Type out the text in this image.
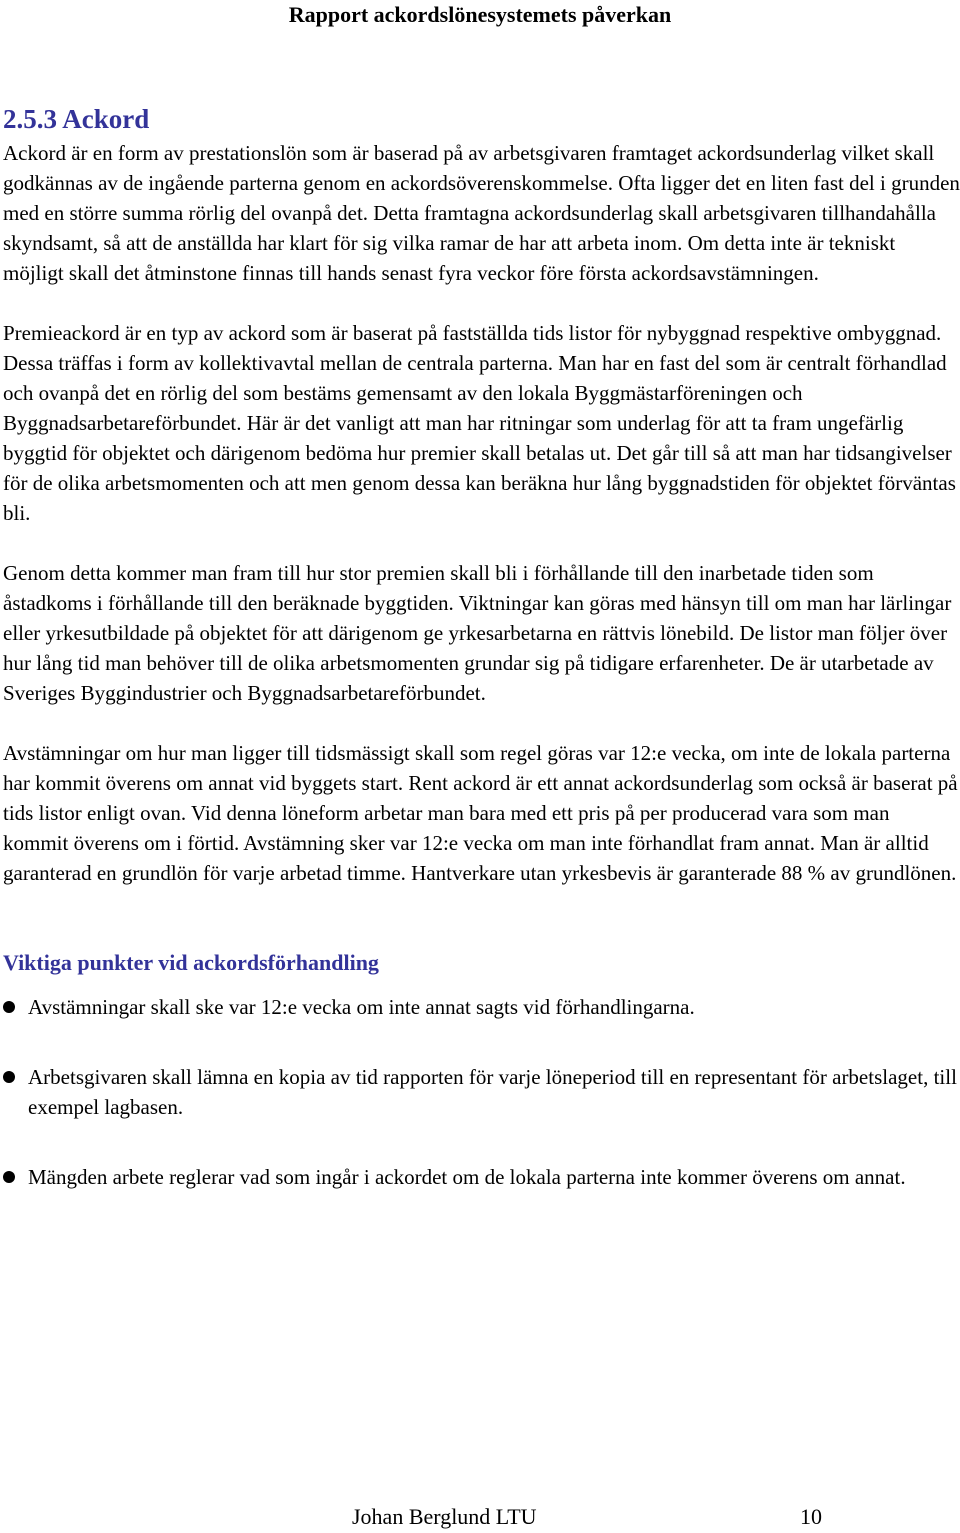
Rapport ackordslönesystemets påverkan
2.5.3 Ackord

Ackord är en form av prestationslön som är baserad på av arbetsgivaren framtaget ackordsunderlag vilket skall godkännas av de ingående parterna genom en ackordsöverenskommelse. Ofta ligger det en liten fast del i grunden med en större summa rörlig del ovanpå det. Detta framtagna ackordsunderlag skall arbetsgivaren tillhandahålla skyndsamt, så att de anställda har klart för sig vilka ramar de har att arbeta inom. Om detta inte är tekniskt möjligt skall det åtminstone finnas till hands senast fyra veckor före första ackordsavstämningen.

Premieackord är en typ av ackord som är baserat på fastställda tids listor för nybyggnad respektive ombyggnad. Dessa träffas i form av kollektivavtal mellan de centrala parterna. Man har en fast del som är centralt förhandlad och ovanpå det en rörlig del som bestäms gemensamt av den lokala Byggmästarföreningen och Byggnadsarbetareförbundet. Här är det vanligt att man har ritningar som underlag för att ta fram ungefärlig byggtid för objektet och därigenom bedöma hur premier skall betalas ut. Det går till så att man har tidsangivelser för de olika arbetsmomenten och att men genom dessa kan beräkna hur lång byggnadstiden för objektet förväntas bli.

Genom detta kommer man fram till hur stor premien skall bli i förhållande till den inarbetade tiden som åstadkoms i förhållande till den beräknade byggtiden. Viktningar kan göras med hänsyn till om man har lärlingar eller yrkesutbildade på objektet för att därigenom ge yrkesarbetarna en rättvis lönebild. De listor man följer över hur lång tid man behöver till de olika arbetsmomenten grundar sig på tidigare erfarenheter. De är utarbetade av Sveriges Byggindustrier och Byggnadsarbetareförbundet.

Avstämningar om hur man ligger till tidsmässigt skall som regel göras var 12:e vecka, om inte de lokala parterna har kommit överens om annat vid byggets start. Rent ackord är ett annat ackordsunderlag som också är baserat på tids listor enligt ovan. Vid denna löneform arbetar man bara med ett pris på per producerad vara som man kommit överens om i förtid. Avstämning sker var 12:e vecka om man inte förhandlat fram annat. Man är alltid garanterad en grundlön för varje arbetad timme. Hantverkare utan yrkesbevis är garanterade 88 % av grundlönen.

Viktiga punkter vid ackordsförhandling
Avstämningar skall ske var 12:e vecka om inte annat sagts vid förhandlingarna.
Arbetsgivaren skall lämna en kopia av tid rapporten för varje löneperiod till en representant för arbetslaget, till exempel lagbasen.
Mängden arbete reglerar vad som ingår i ackordet om de lokala parterna inte kommer överens om annat.
Johan Berglund LTU	10
